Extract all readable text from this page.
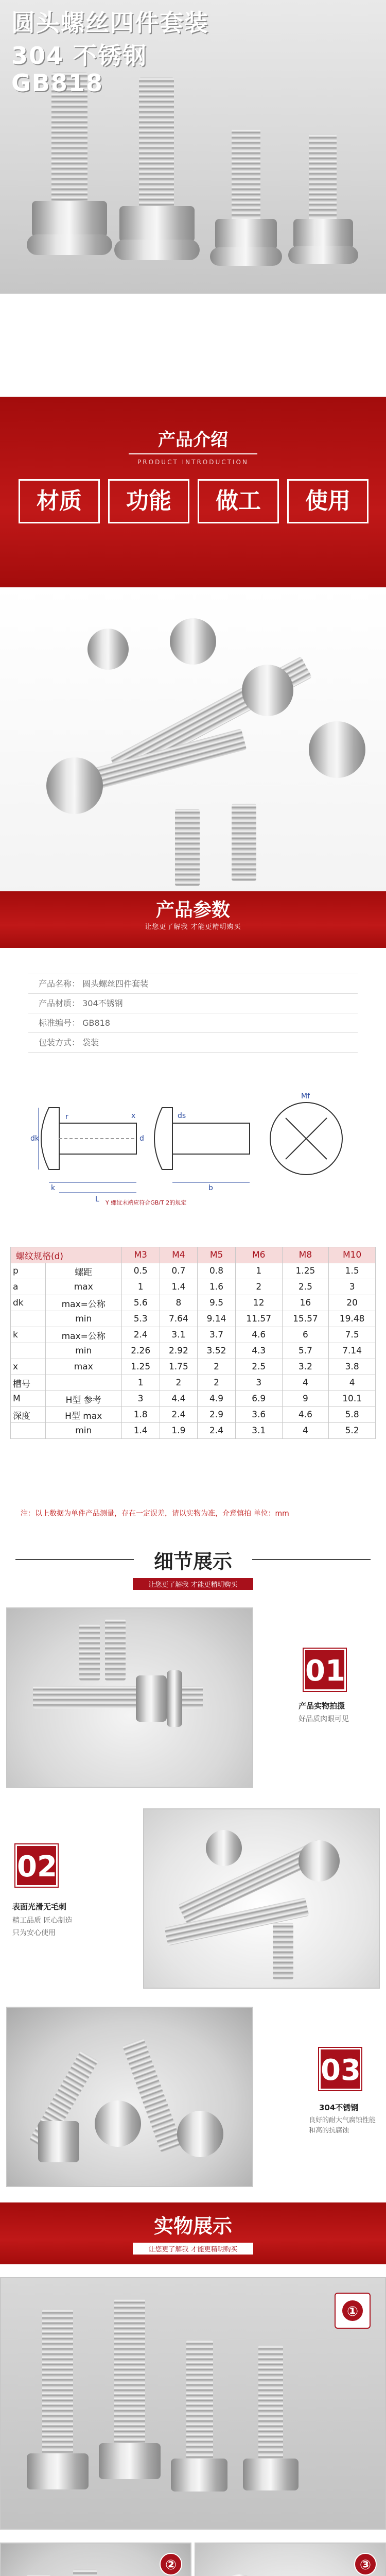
圆头螺丝四件套装
304 不锈钢
GB818
产品介绍
PRODUCT INTRODUCTION
材质	功能	做工	使用
产品参数
让您更了解我 才能更精明购买
产品名称： 圆头螺丝四件套装
产品材质： 304不锈钢
标准编号： GB818
包装方式： 袋装
dk
k
L
b
ds
x
Mf
d
r
Y 螺纹末端应符合GB/T 2的规定
螺纹规格(d)		M3	M4	M5	M6	M8	M10
p	螺距	0.5	0.7	0.8	1	1.25	1.5
a	max	1	1.4	1.6	2	2.5	3
dk	max=公称	5.6	8	9.5	12	16	20
	min	5.3	7.64	9.14	11.57	15.57	19.48
k	max=公称	2.4	3.1	3.7	4.6	6	7.5
	min	2.26	2.92	3.52	4.3	5.7	7.14
x	max	1.25	1.75	2	2.5	3.2	3.8
槽号		1	2	2	3	4	4
M	H型 参考	3	4.4	4.9	6.9	9	10.1
深度	H型 max	1.8	2.4	2.9	3.6	4.6	5.8
	min	1.4	1.9	2.4	3.1	4	5.2
注：以上数据为单件产品测量，存在一定误差，请以实物为准，介意慎拍 单位：mm
细节展示
让您更了解我 才能更精明购买
01
产品实物拍摄
好品质肉眼可见
02
表面光滑无毛刺
精工品质 匠心制造
只为安心使用
03
304不锈钢
良好的耐大气腐蚀性能
和高的抗腐蚀
实物展示
让您更了解我 才能更精明购买
①
②	③
